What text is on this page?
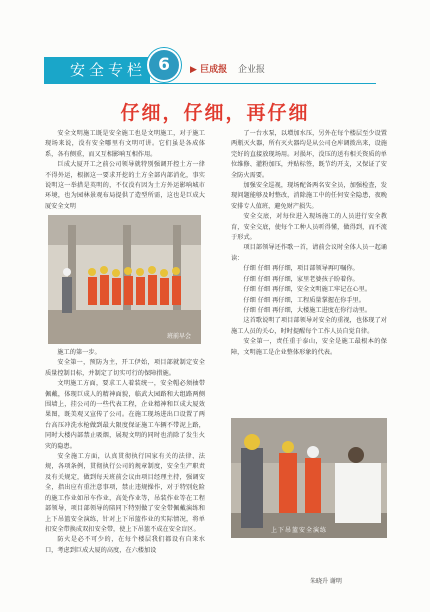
安全专栏 6	▶ 巨成报 企业报
仔细，仔细，再仔细

安全文明施工既是安全施工也是文明施工，对于施工现场来说，没有安全哪里有文明可讲。它们虽是各成体系，各有侧重，而又互相影响互相作用。

巨成大厦开工之前公司领导就特别强调开控土方一律不得外运，根据这一要求开挖的土方全部内部消化，事实说明这一举措是英明的，不仅没有因为土方外运影响城市环境，也为园林景观布局提供了造型所需，这也是巨成大厦安全文明

班前早会

施工的第一步。

安全第一，预防为主，开工伊始，项目部就制定安全质量控制目标，并制定了切实可行的保障措施。

文明施工方面，要求工人着装统一，安全帽必须抽带佩戴，体现巨成人的精神面貌，临武大园路和大组路两侧围墙上，挂公司的一些代表工程，企业精神和巨成大厦效果图，既美观又宣传了公司。在施工现场进出口设置了两台高压冲洗水枪做到最大限度保证施工车辆不带泥上路，同时大楼内部禁止吸烟，展现文明的同时也消除了发生火灾的隐患。

安全施工方面，认真贯彻执行国家有关的法律、法规，各项条例，贯彻执行公司的规章制度，安全生产职责及有关规定，做到每天班前会议由项目经理主持，强调安全，指出应有重注意事项，禁止违规操作，对于特别危险的施工作业如吊车作业，高处作业等，吊装作业等在工程部领导，项目部领导的陪同下特别做了安全带佩戴演练和上下吊篮安全演练，针对上下吊篮作业的实际情况，将单扣安全带换成双扣安全带，使上下吊篮不成在安全盲区。

防火是必不可少的，在每个楼层我们都设有自来水口，考虑到巨成大厦的高度，在六楼加设

了一台水泵，以增加水压，另外在每个楼层至少设置两瓶灭火器，所有灭火器均是从公司仓库调拨出来，设施完好的直接放现场用。对损坏，没压的送有相关资质的单位维修、灌粉加压，并贴标签，既节约开支，又保证了安全防火需要。

加强安全巡视，现场配备两名安全员，加强检查，发现问题能够及时整改，消除施工中的任何安全隐患，夜晚安排专人值班，避免财产损失。

安全交底，对每位进入现场施工的人员进行安全教育，安全交底，使每个工种人员听得懂，做得到，而不流于形式。

项目部领导还作歌一首，请前会议时全体人员一起诵读：

仔细 仔细 再仔细，项目部领导再叮嘱你。

仔细 仔细 再仔细，家里老婆孩子盼着你。

仔细 仔细 再仔细，安全文明施工牢记在心里。

仔细 仔细 再仔细，工程质量掌握在你手里。

仔细 仔细 再仔细，大楼施工进度在你行动里。

这首歌说明了项目部领导对安全的重视，也体现了对施工人员的关心，时时提醒每个工作人员自觉自律。

安全第一，责任重于泰山，安全是施工最根本的保障，文明施工是企业整体形象的代表。

上下吊篮安全演练
朱晓升 谢明
